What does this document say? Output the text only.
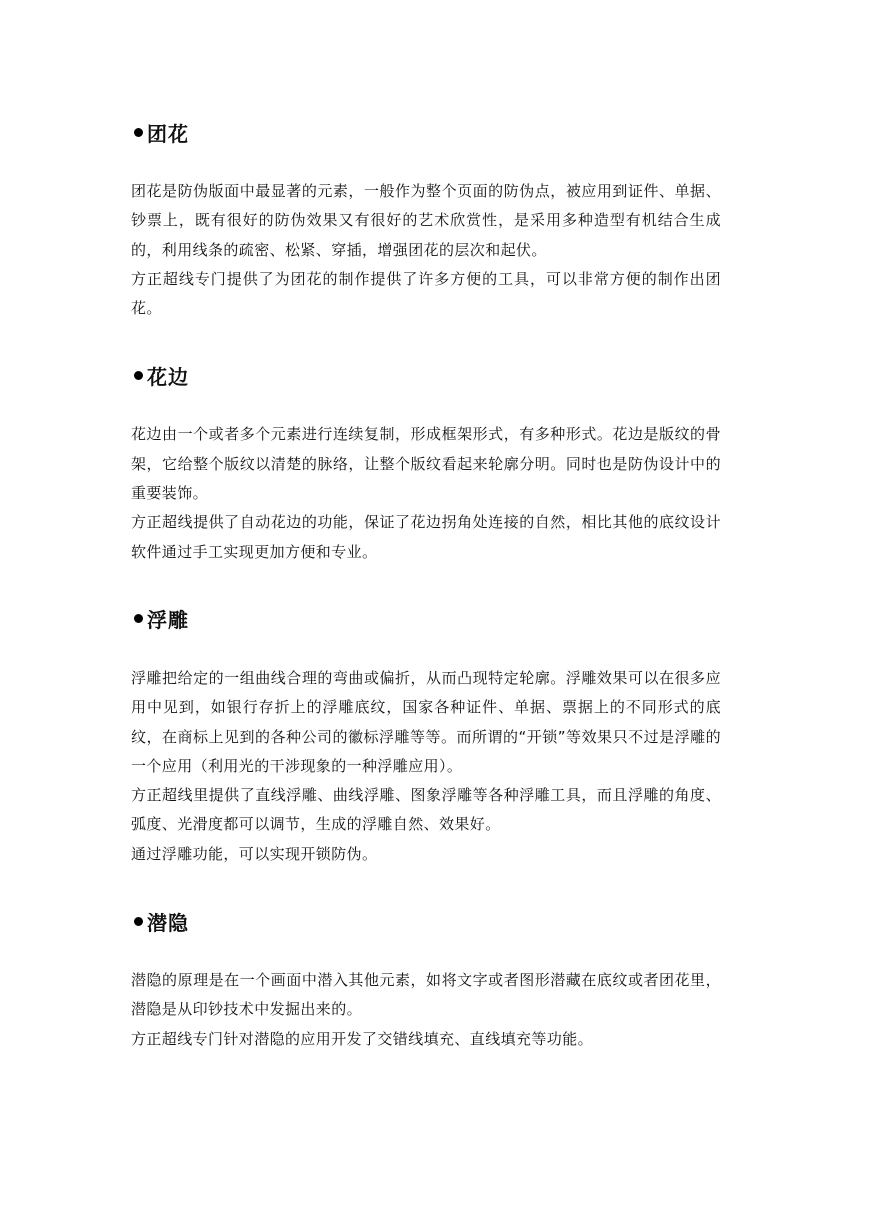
团花

团花是防伪版面中最显著的元素，一般作为整个页面的防伪点，被应用到证件、单据、钞票上，既有很好的防伪效果又有很好的艺术欣赏性，是采用多种造型有机结合生成的，利用线条的疏密、松紧、穿插，增强团花的层次和起伏。

方正超线专门提供了为团花的制作提供了许多方便的工具，可以非常方便的制作出团花。

花边

花边由一个或者多个元素进行连续复制，形成框架形式，有多种形式。花边是版纹的骨架，它给整个版纹以清楚的脉络，让整个版纹看起来轮廓分明。同时也是防伪设计中的重要装饰。

方正超线提供了自动花边的功能，保证了花边拐角处连接的自然，相比其他的底纹设计软件通过手工实现更加方便和专业。

浮雕

浮雕把给定的一组曲线合理的弯曲或偏折，从而凸现特定轮廓。浮雕效果可以在很多应用中见到，如银行存折上的浮雕底纹，国家各种证件、单据、票据上的不同形式的底纹，在商标上见到的各种公司的徽标浮雕等等。而所谓的“开锁”等效果只不过是浮雕的一个应用（利用光的干涉现象的一种浮雕应用）。

方正超线里提供了直线浮雕、曲线浮雕、图象浮雕等各种浮雕工具，而且浮雕的角度、弧度、光滑度都可以调节，生成的浮雕自然、效果好。

通过浮雕功能，可以实现开锁防伪。

潜隐

潜隐的原理是在一个画面中潜入其他元素，如将文字或者图形潜藏在底纹或者团花里，潜隐是从印钞技术中发掘出来的。

方正超线专门针对潜隐的应用开发了交错线填充、直线填充等功能。
